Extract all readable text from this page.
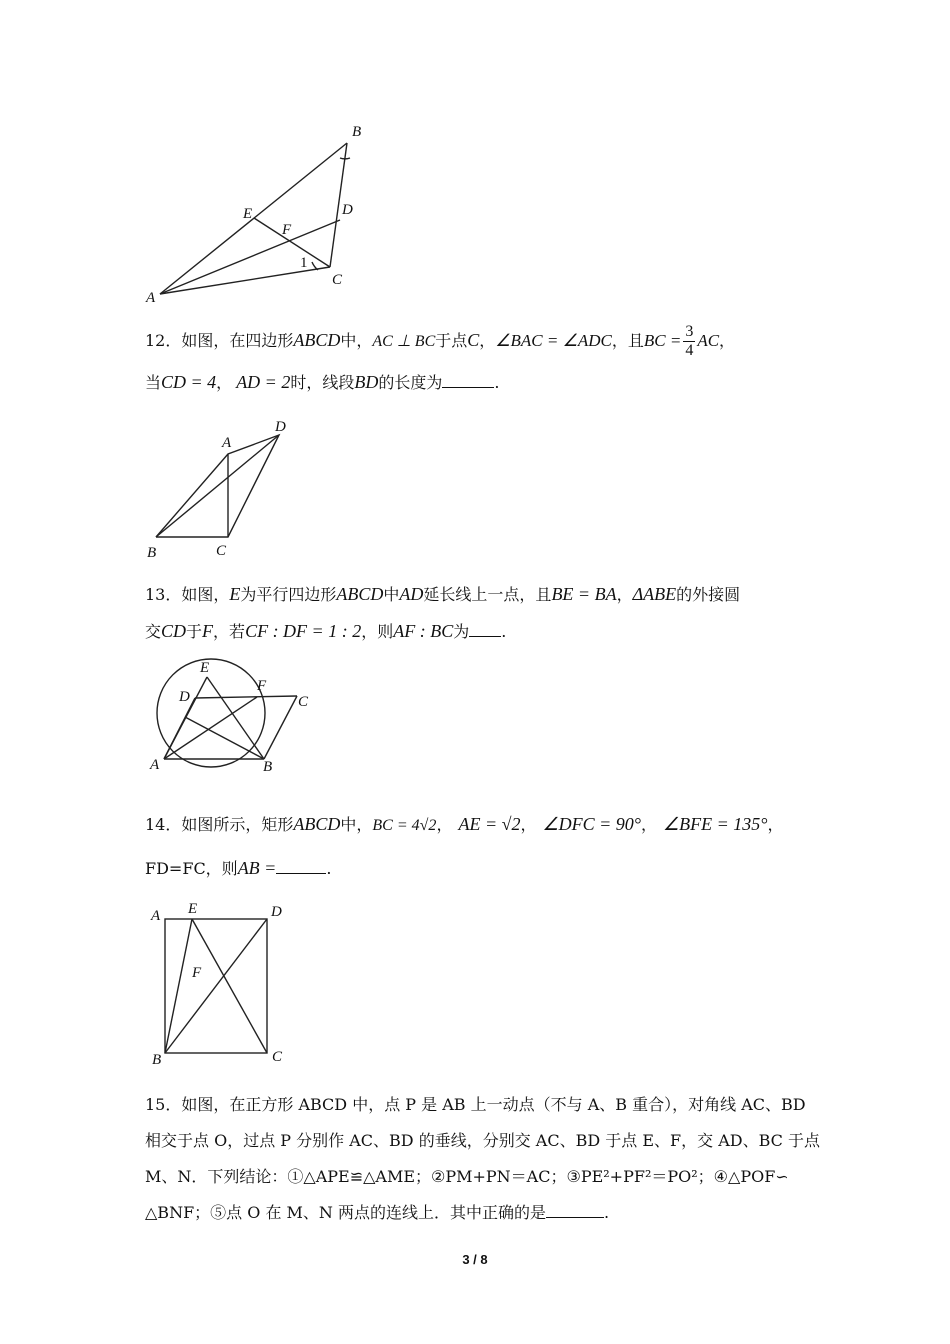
B
E
F
D
1
C
A
12．如图，在四边形ABCD中，AC ⊥ BC于点C，∠BAC = ∠ADC，且BC = $\frac{3}{4}$ AC，
当CD = 4， AD = 2时，线段BD的长度为	.
A
D
B	C
13．如图，E为平行四边形ABCD中AD延长线上一点，且BE = BA，ΔABE的外接圆
交CD于F，若CF : DF = 1 : 2，则AF : BC为 .
E
D
F
C
A	B
14．如图所示，矩形ABCD中，BC = 4√2， AE = √2， ∠DFC = 90°， ∠BFE = 135°，
FD=FC，则AB =	.
A E	D
F
B	C
15．如图，在正方形 ABCD 中，点 P 是 AB 上一动点（不与 A、B 重合），对角线 AC、BD
相交于点 O，过点 P 分别作 AC、BD 的垂线，分别交 AC、BD 于点 E、F，交 AD、BC 于点
M、N．下列结论：①△APE≌△AME；②PM+PN＝AC；③PE²+PF²＝PO²；④△POF∽
△BNF；⑤点 O 在 M、N 两点的连线上．其中正确的是	.
3 / 8
